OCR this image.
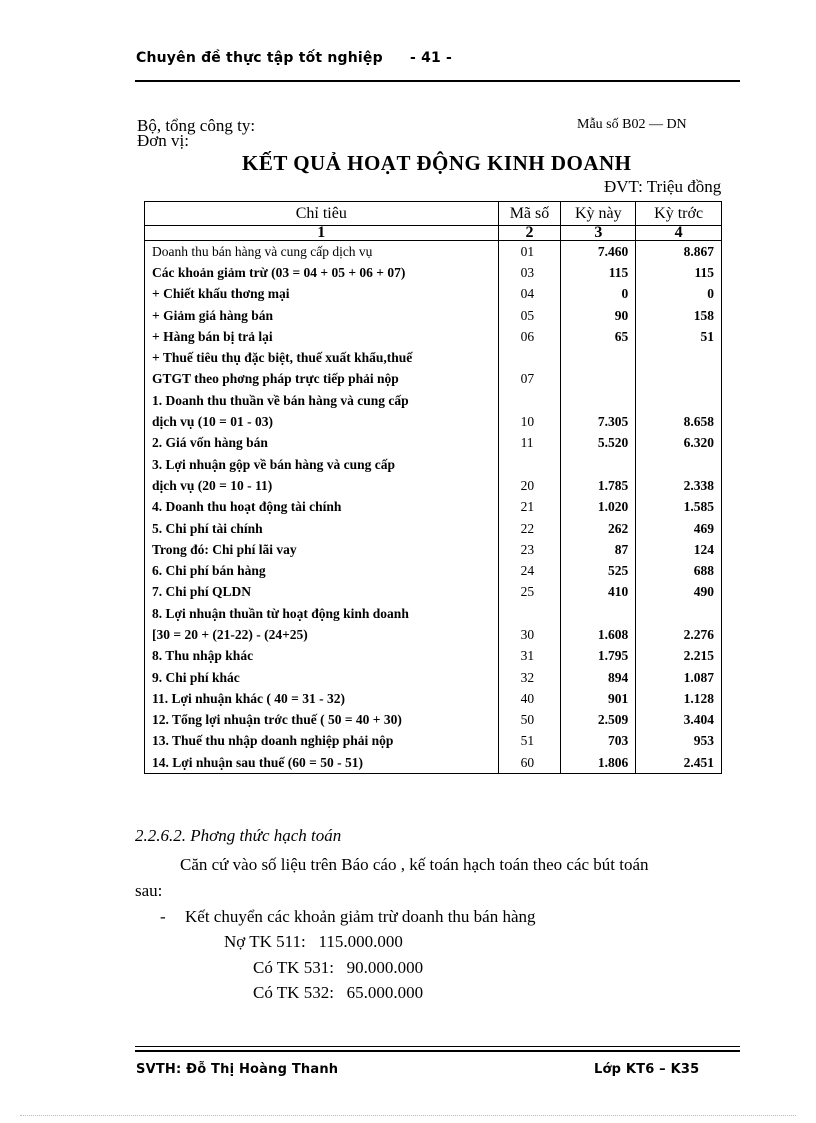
Chuyên đề thực tập tốt nghiệp - 41 -
Bộ, tổng công ty:
Đơn vị:
Mẫu số B02 — DN
KẾT QUẢ HOẠT ĐỘNG KINH DOANH
ĐVT: Triệu đồng
Chỉ tiêu	Mã số	Kỳ này	Kỳ trớc
1	2	3	4
Doanh thu bán hàng và cung cấp dịch vụ	01	7.460	8.867
Các khoản giảm trừ (03 = 04 + 05 + 06 + 07)	03	115	115
+ Chiết khấu thơng mại	04	0	0
+ Giảm giá hàng bán	05	90	158
+ Hàng bán bị trả lại	06	65	51
+ Thuế tiêu thụ đặc biệt, thuế xuất khẩu,thuế			
GTGT theo phơng pháp trực tiếp phải nộp	07		
1. Doanh thu thuần về bán hàng và cung cấp			
dịch vụ (10 = 01 - 03)	10	7.305	8.658
2. Giá vốn hàng bán	11	5.520	6.320
3. Lợi nhuận gộp về bán hàng và cung cấp			
dịch vụ (20 = 10 - 11)	20	1.785	2.338
4. Doanh thu hoạt động tài chính	21	1.020	1.585
5. Chi phí tài chính	22	262	469
Trong đó: Chi phí lãi vay	23	87	124
6. Chi phí bán hàng	24	525	688
7. Chi phí QLDN	25	410	490
8. Lợi nhuận thuần từ hoạt động kinh doanh			
[30 = 20 + (21-22) - (24+25)	30	1.608	2.276
8. Thu nhập khác	31	1.795	2.215
9. Chi phí khác	32	894	1.087
11. Lợi nhuận khác ( 40 = 31 - 32)	40	901	1.128
12. Tổng lợi nhuận trớc thuế ( 50 = 40 + 30)	50	2.509	3.404
13. Thuế thu nhập doanh nghiệp phải nộp	51	703	953
14. Lợi nhuận sau thuế (60 = 50 - 51)	60	1.806	2.451
2.2.6.2. Phơng thức hạch toán
Căn cứ vào số liệu trên Báo cáo , kế toán hạch toán theo các bút toán
sau:
- Kết chuyển các khoản giảm trừ doanh thu bán hàng
Nợ TK 511:   115.000.000
Có TK 531:   90.000.000
Có TK 532:   65.000.000
SVTH: Đỗ Thị Hoàng Thanh	Lớp KT6 – K35
